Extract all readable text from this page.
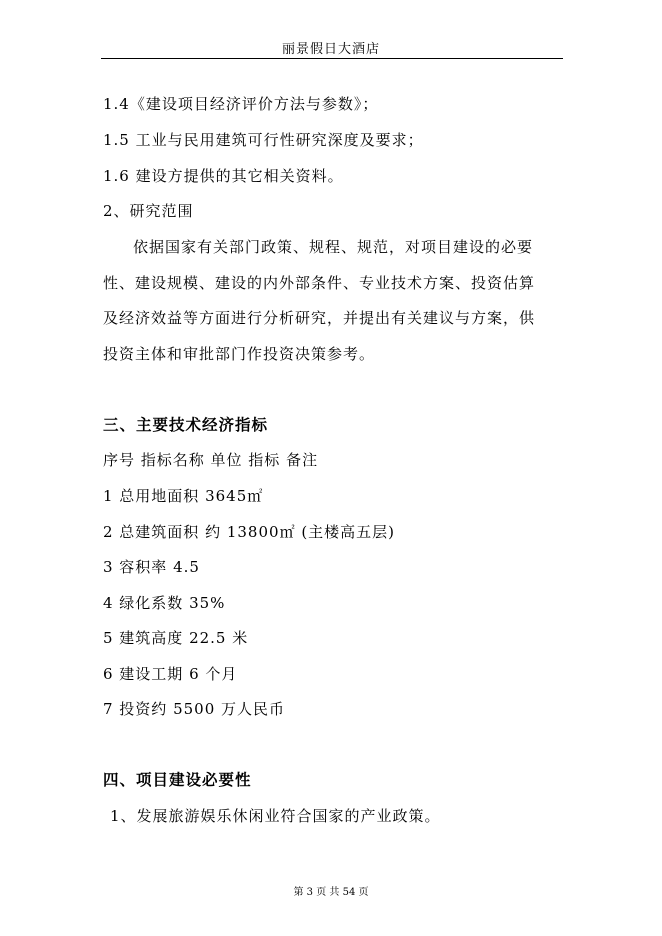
丽景假日大酒店
1.4《建设项目经济评价方法与参数》；
1.5 工业与民用建筑可行性研究深度及要求；
1.6 建设方提供的其它相关资料。
2、研究范围
依据国家有关部门政策、规程、规范，对项目建设的必要
性、建设规模、建设的内外部条件、专业技术方案、投资估算
及经济效益等方面进行分析研究，并提出有关建议与方案，供
投资主体和审批部门作投资决策参考。
三、主要技术经济指标
序号 指标名称 单位 指标 备注
1 总用地面积 3645㎡
2 总建筑面积 约 13800㎡ (主楼高五层)
3 容积率 4.5
4 绿化系数 35%
5 建筑高度 22.5 米
6 建设工期 6 个月
7 投资约 5500 万人民币
四、项目建设必要性
1、发展旅游娱乐休闲业符合国家的产业政策。
第 3 页 共 54 页
